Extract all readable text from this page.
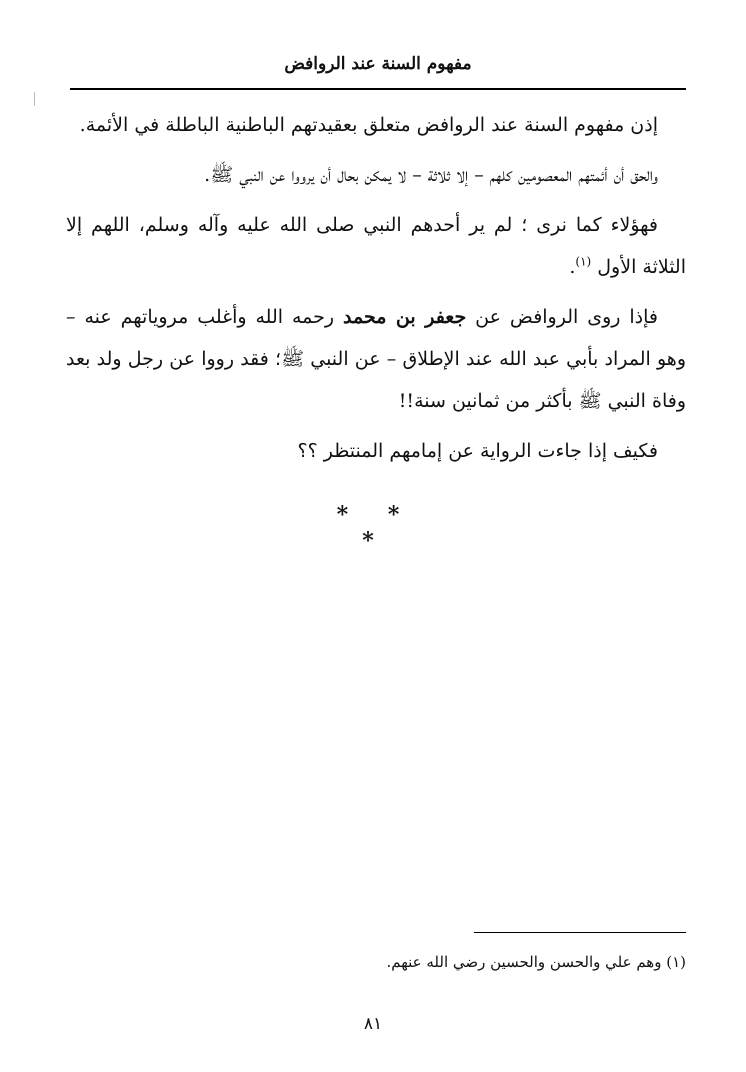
مفهوم السنة عند الروافض

إذن مفهوم السنة عند الروافض متعلق بعقيدتهم الباطنية الباطلة في الأئمة.

والحق أن أئمتهم المعصومين كلهم – إلا ثلاثة – لا يمكن بحال أن يرووا عن النبي ﷺ.

فهؤلاء كما نرى ؛ لم ير أحدهم النبي صلى الله عليه وآله وسلم، اللهم إلا الثلاثة الأول $^{(١)}$.

فإذا روى الروافض عن جعفر بن محمد رحمه الله وأغلب مروياتهم عنه – وهو المراد بأبي عبد الله عند الإطلاق – عن النبي ﷺ؛ فقد رووا عن رجل ولد بعد وفاة النبي ﷺ بأكثر من ثمانين سنة!!

فكيف إذا جاءت الرواية عن إمامهم المنتظر ؟؟

* * *
(١) وهم علي والحسن والحسين رضي الله عنهم.
٨١
